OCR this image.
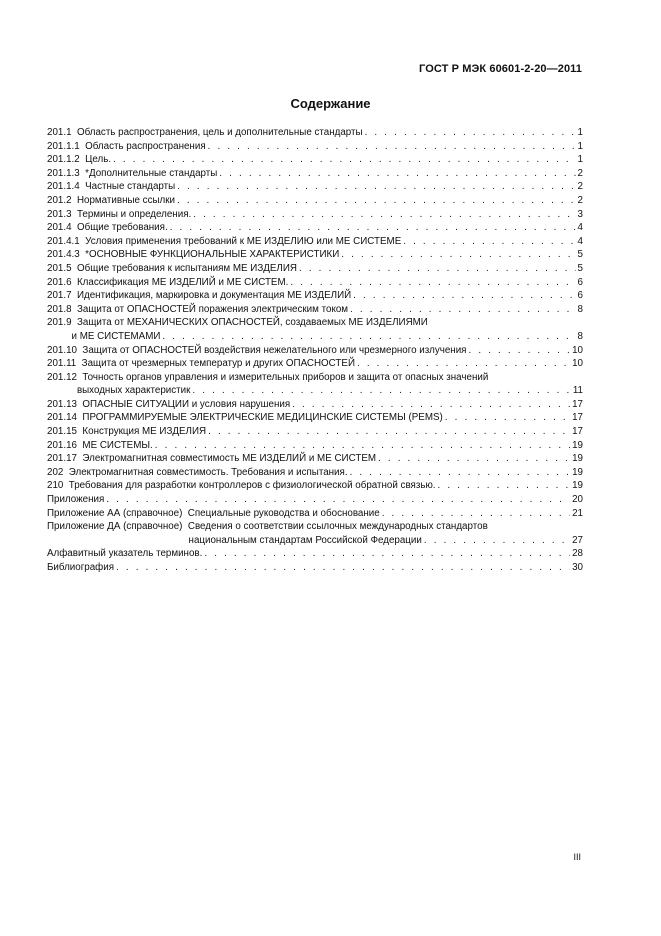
ГОСТ Р МЭК 60601-2-20—2011
Содержание
201.1  Область распространения, цель и дополнительные стандарты . . .	1
201.1.1  Область распространения . . .	1
201.1.2  Цель. . . .	1
201.1.3  *Дополнительные стандарты . . .	2
201.1.4  Частные стандарты . . .	2
201.2  Нормативные ссылки . . .	2
201.3  Термины и определения. . . .	3
201.4  Общие требования. . . .	4
201.4.1  Условия применения требований к МЕ ИЗДЕЛИЮ или МЕ СИСТЕМЕ . . .	4
201.4.3  *ОСНОВНЫЕ ФУНКЦИОНАЛЬНЫЕ ХАРАКТЕРИСТИКИ . . .	5
201.5  Общие требования к испытаниям МЕ ИЗДЕЛИЯ . . .	5
201.6  Классификация МЕ ИЗДЕЛИЙ и МЕ СИСТЕМ. . . .	6
201.7  Идентификация, маркировка и документация МЕ ИЗДЕЛИЙ . . .	6
201.8  Защита от ОПАСНОСТЕЙ поражения электрическим током . . .	8
201.9  Защита от МЕХАНИЧЕСКИХ ОПАСНОСТЕЙ, создаваемых МЕ ИЗДЕЛИЯМИ
и МЕ СИСТЕМАМИ . . .	8
201.10  Защита от ОПАСНОСТЕЙ воздействия нежелательного или чрезмерного излучения . . .	10
201.11  Защита от чрезмерных температур и других ОПАСНОСТЕЙ . . .	10
201.12  Точность органов управления и измерительных приборов и защита от опасных значений
выходных характеристик . . .	11
201.13  ОПАСНЫЕ СИТУАЦИИ и условия нарушения . . .	17
201.14  ПРОГРАММИРУЕМЫЕ ЭЛЕКТРИЧЕСКИЕ МЕДИЦИНСКИЕ СИСТЕМЫ (PEMS) . . .	17
201.15  Конструкция МЕ ИЗДЕЛИЯ . . .	17
201.16  МЕ СИСТЕМЫ. . . .	19
201.17  Электромагнитная совместимость МЕ ИЗДЕЛИЙ и МЕ СИСТЕМ . . .	19
202  Электромагнитная совместимость. Требования и испытания. . . .	19
210  Требования для разработки контроллеров с физиологической обратной связью. . . .	19
Приложения . . .	20
Приложение АА (справочное)  Специальные руководства и обоснование . . .	21
Приложение ДА (справочное)  Сведения о соответствии ссылочных международных стандартов
национальным стандартам Российской Федерации . . .	27
Алфавитный указатель терминов. . . .	28
Библиография . . .	30
III
